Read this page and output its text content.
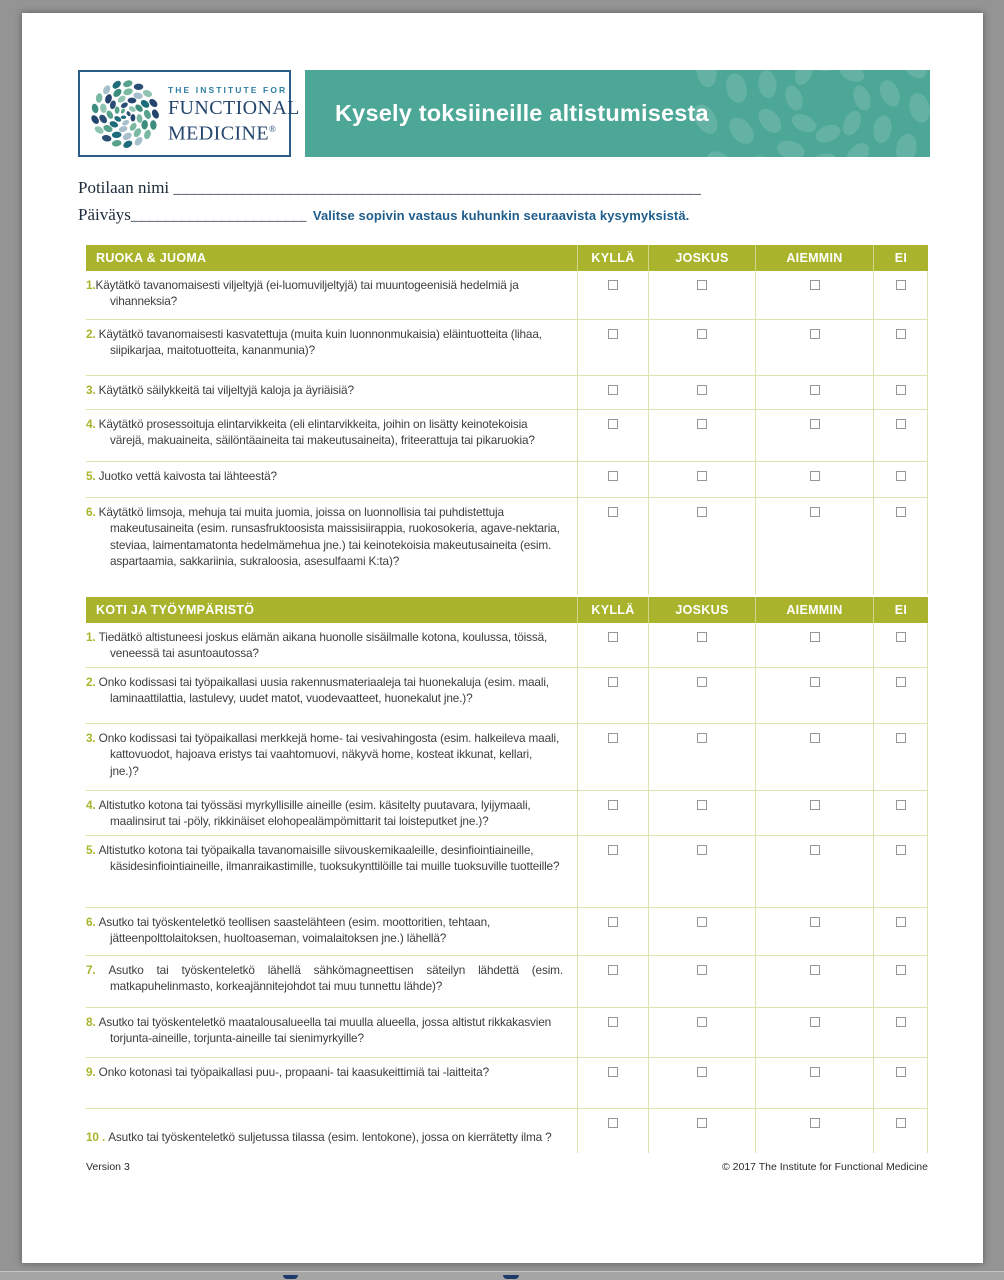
THE INSTITUTE FOR
FUNCTIONAL
MEDICINE®
Kysely toksiineille altistumisesta
Potilaan nimi __________________________________________________________________
Päiväys______________________ Valitse sopivin vastaus kuhunkin seuraavista kysymyksistä.
RUOKA & JUOMA	KYLLÄ	JOSKUS	AIEMMIN	EI
1.Käytätkö tavanomaisesti viljeltyjä (ei-luomuviljeltyjä) tai muuntogeenisiä hedelmiä ja vihanneksia?
2. Käytätkö tavanomaisesti kasvatettuja (muita kuin luonnonmukaisia) eläintuotteita (lihaa, siipikarjaa, maitotuotteita, kananmunia)?
3. Käytätkö säilykkeitä tai viljeltyjä kaloja ja äyriäisiä?
4. Käytätkö prosessoituja elintarvikkeita (eli elintarvikkeita, joihin on lisätty keinotekoisia värejä, makuaineita, säilöntäaineita tai makeutusaineita), friteerattuja tai pikaruokia?
5. Juotko vettä kaivosta tai lähteestä?
6. Käytätkö limsoja, mehuja tai muita juomia, joissa on luonnollisia tai puhdistettuja makeutusaineita (esim. runsasfruktoosista maissisiirappia, ruokosokeria, agave-nektaria, steviaa, laimentamatonta hedelmämehua jne.) tai keinotekoisia makeutusaineita (esim. aspartaamia, sakkariinia, sukraloosia, asesulfaami K:ta)?
KOTI JA TYÖYMPÄRISTÖ	KYLLÄ	JOSKUS	AIEMMIN	EI
1. Tiedätkö altistuneesi joskus elämän aikana huonolle sisäilmalle kotona, koulussa, töissä, veneessä tai asuntoautossa?
2. Onko kodissasi tai työpaikallasi uusia rakennusmateriaaleja tai huonekaluja (esim. maali, laminaattilattia, lastulevy, uudet matot, vuodevaatteet, huonekalut jne.)?
3. Onko kodissasi tai työpaikallasi merkkejä home- tai vesivahingosta (esim. halkeileva maali, kattovuodot, hajoava eristys tai vaahtomuovi, näkyvä home, kosteat ikkunat, kellari, jne.)?
4. Altistutko kotona tai työssäsi myrkyllisille aineille (esim. käsitelty puutavara, lyijymaali, maalinsirut tai -pöly, rikkinäiset elohopealämpömittarit tai loisteputket jne.)?
5. Altistutko kotona tai työpaikalla tavanomaisille siivouskemikaaleille, desinfiointiaineille, käsidesinfiointiaineille, ilmanraikastimille, tuoksukynttilöille tai muille tuoksuville tuotteille?
6. Asutko tai työskenteletkö teollisen saastelähteen (esim. moottoritien, tehtaan, jätteenpolttolaitoksen, huoltoaseman, voimalaitoksen jne.) lähellä?
7. Asutko tai työskenteletkö lähellä sähkömagneettisen säteilyn lähdettä (esim. matkapuhelinmasto, korkeajännitejohdot tai muu tunnettu lähde)?
8. Asutko tai työskenteletkö maatalousalueella tai muulla alueella, jossa altistut rikkakasvien torjunta-aineille, torjunta-aineille tai sienimyrkyille?
9. Onko kotonasi tai työpaikallasi puu-, propaani- tai kaasukeittimiä tai -laitteita?
10 . Asutko tai työskenteletkö suljetussa tilassa (esim. lentokone), jossa on kierrätetty ilma ?
Version 3	© 2017 The Institute for Functional Medicine
